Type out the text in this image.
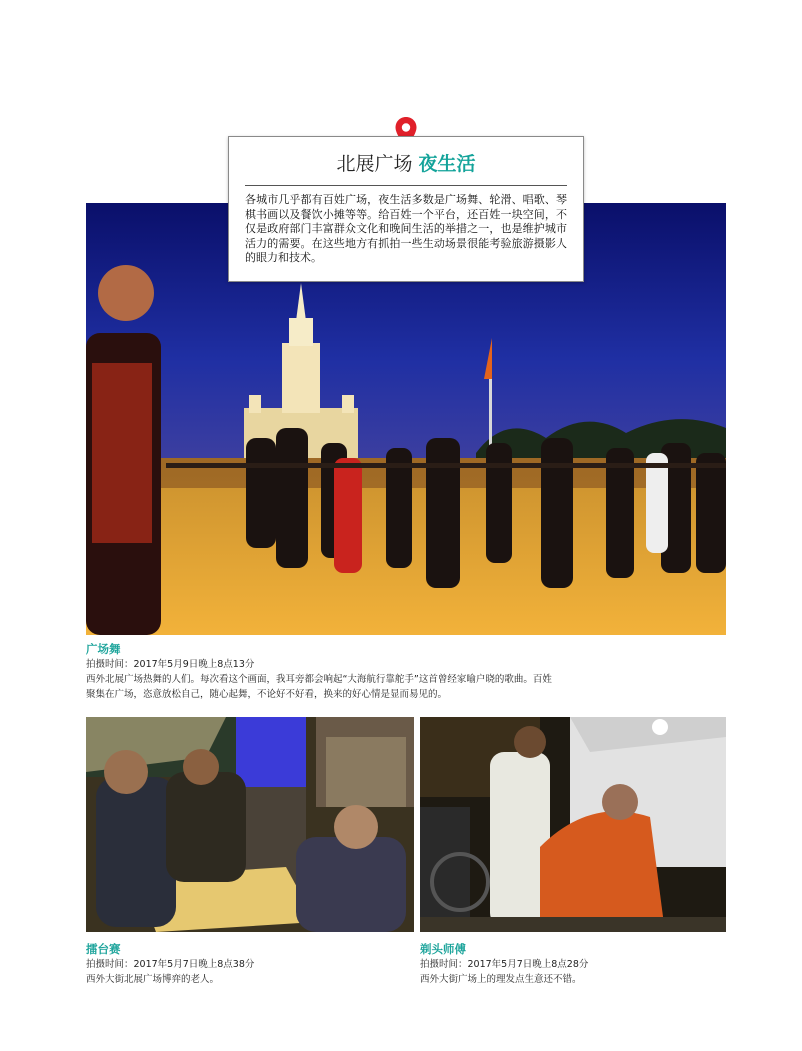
北展广场 夜生活
各城市几乎都有百姓广场，夜生活多数是广场舞、轮滑、唱歌、琴棋书画以及餐饮小摊等等。给百姓一个平台，还百姓一块空间，不仅是政府部门丰富群众文化和晚间生活的举措之一，也是维护城市活力的需要。在这些地方有抓拍一些生动场景很能考验旅游摄影人的眼力和技术。
广场舞
拍摄时间：2017年5月9日晚上8点13分
西外北展广场热舞的人们。每次看这个画面，我耳旁都会响起“大海航行靠舵手”这首曾经家喻户晓的歌曲。百姓聚集在广场，恣意放松自己，随心起舞，不论好不好看，换来的好心情是显而易见的。
擂台赛
拍摄时间：2017年5月7日晚上8点38分
西外大街北展广场博弈的老人。
剃头师傅
拍摄时间：2017年5月7日晚上8点28分
西外大街广场上的理发点生意还不错。
